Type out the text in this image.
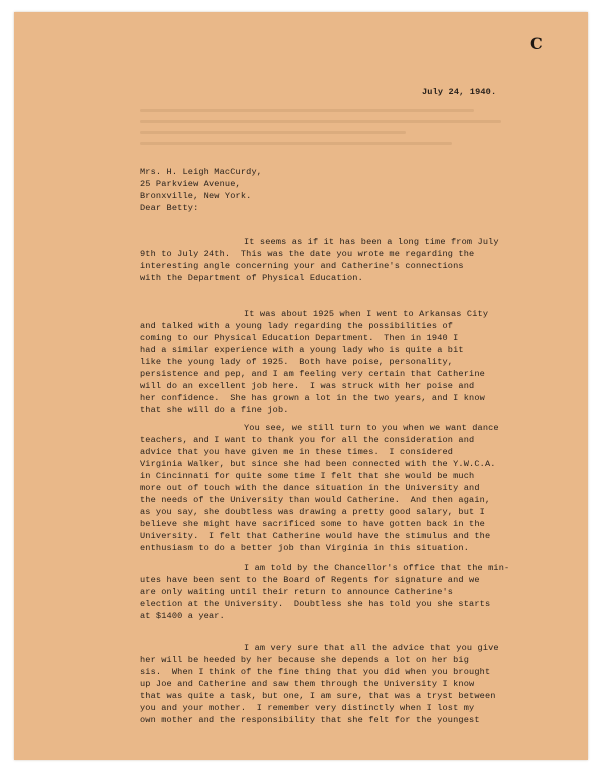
C
July 24, 1940.
Mrs. H. Leigh MacCurdy,
25 Parkview Avenue,
Bronxville, New York.
Dear Betty:
It seems as if it has been a long time from July
9th to July 24th.  This was the date you wrote me regarding the
interesting angle concerning your and Catherine's connections
with the Department of Physical Education.
It was about 1925 when I went to Arkansas City
and talked with a young lady regarding the possibilities of
coming to our Physical Education Department.  Then in 1940 I
had a similar experience with a young lady who is quite a bit
like the young lady of 1925.  Both have poise, personality,
persistence and pep, and I am feeling very certain that Catherine
will do an excellent job here.  I was struck with her poise and
her confidence.  She has grown a lot in the two years, and I know
that she will do a fine job.
You see, we still turn to you when we want dance
teachers, and I want to thank you for all the consideration and
advice that you have given me in these times.  I considered
Virginia Walker, but since she had been connected with the Y.W.C.A.
in Cincinnati for quite some time I felt that she would be much
more out of touch with the dance situation in the University and
the needs of the University than would Catherine.  And then again,
as you say, she doubtless was drawing a pretty good salary, but I
believe she might have sacrificed some to have gotten back in the
University.  I felt that Catherine would have the stimulus and the
enthusiasm to do a better job than Virginia in this situation.
I am told by the Chancellor's office that the min-
utes have been sent to the Board of Regents for signature and we
are only waiting until their return to announce Catherine's
election at the University.  Doubtless she has told you she starts
at $1400 a year.
I am very sure that all the advice that you give
her will be heeded by her because she depends a lot on her big
sis.  When I think of the fine thing that you did when you brought
up Joe and Catherine and saw them through the University I know
that was quite a task, but one, I am sure, that was a tryst between
you and your mother.  I remember very distinctly when I lost my
own mother and the responsibility that she felt for the youngest
